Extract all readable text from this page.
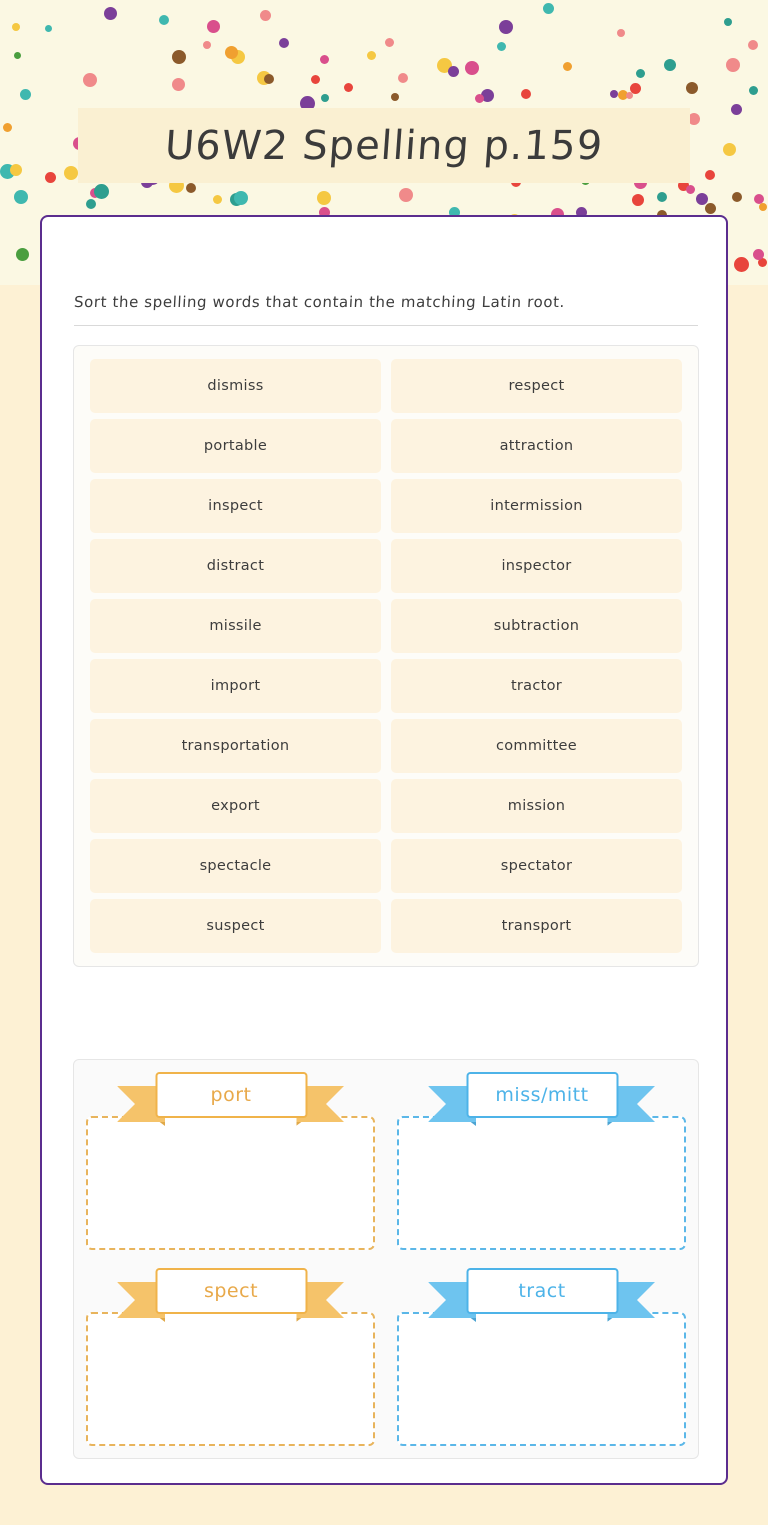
U6W2 Spelling p.159
Sort the spelling words that contain the matching Latin root.
dismiss	respect
portable	attraction
inspect	intermission
distract	inspector
missile	subtraction
import	tractor
transportation	committee
export	mission
spectacle	spectator
suspect	transport
port	miss/mitt
spect	tract
